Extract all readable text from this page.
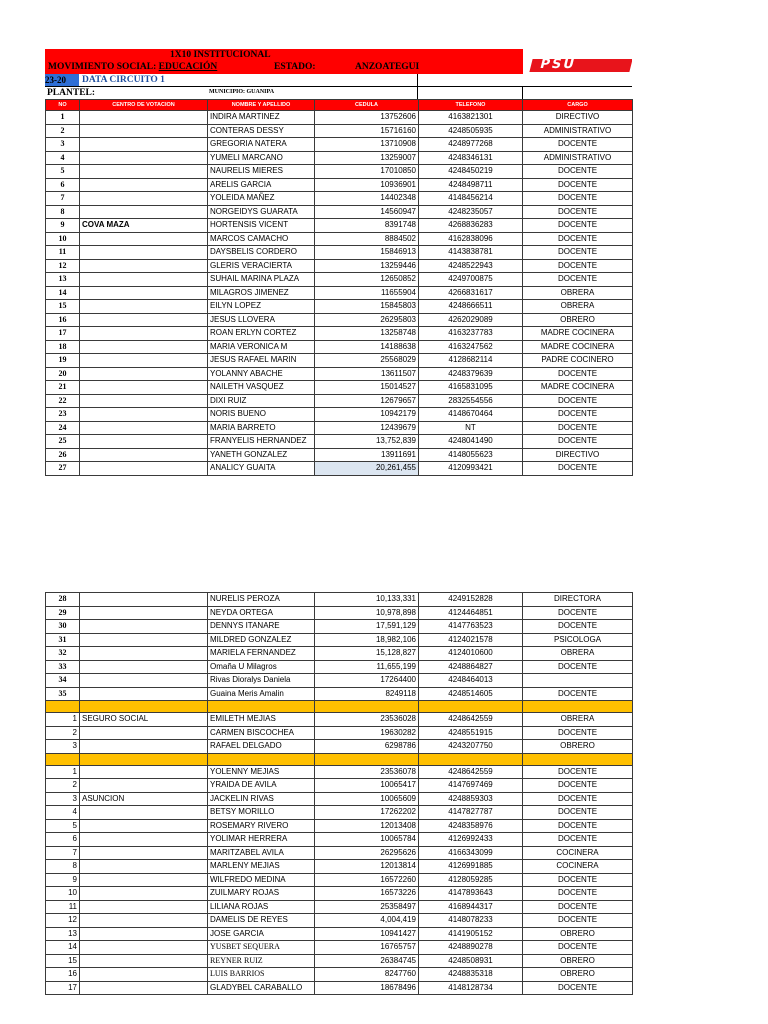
1X10 INSTITUCIONAL
MOVIMIENTO SOCIAL: EDUCACIÓN	ESTADO:	ANZOATEGUI	PSU
23-20	DATA CIRCUITO 1
PLANTEL:	MUNICIPIO: GUANIPA
NO	CENTRO DE VOTACION	NOMBRE Y APELLIDO	CEDULA	TELEFONO	CARGO
1		INDIRA MARTINEZ	13752606	4163821301	DIRECTIVO
2		CONTERAS DESSY	15716160	4248505935	ADMINISTRATIVO
3		GREGORIA NATERA	13710908	4248977268	DOCENTE
4		YUMELI MARCANO	13259007	4248346131	ADMINISTRATIVO
5		NAURELIS MIERES	17010850	4248450219	DOCENTE
6		ARELIS GARCIA	10936901	4248498711	DOCENTE
7		YOLEIDA MAÑEZ	14402348	4148456214	DOCENTE
8		NORGEIDYS GUARATA	14560947	4248235057	DOCENTE
9	COVA MAZA	HORTENSIS VICENT	8391748	4268836283	DOCENTE
10		MARCOS CAMACHO	8884502	4162838096	DOCENTE
11		DAYSBELIS CORDERO	15846913	4143838781	DOCENTE
12		GLERIS VERACIERTA	13259446	4248522943	DOCENTE
13		SUHAIL MARINA PLAZA	12650852	4249700875	DOCENTE
14		MILAGROS JIMENEZ	11655904	4266831617	OBRERA
15		EILYN LOPEZ	15845803	4248666511	OBRERA
16		JESUS LLOVERA	26295803	4262029089	OBRERO
17		ROAN ERLYN CORTEZ	13258748	4163237783	MADRE COCINERA
18		MARIA VERONICA M	14188638	4163247562	MADRE COCINERA
19		JESUS RAFAEL MARIN	25568029	4128682114	PADRE COCINERO
20		YOLANNY ABACHE	13611507	4248379639	DOCENTE
21		NAILETH VASQUEZ	15014527	4165831095	MADRE COCINERA
22		DIXI RUIZ	12679657	2832554556	DOCENTE
23		NORIS BUENO	10942179	4148670464	DOCENTE
24		MARIA BARRETO	12439679	NT	DOCENTE
25		FRANYELIS HERNANDEZ	13,752,839	4248041490	DOCENTE
26		YANETH GONZALEZ	13911691	4148055623	DIRECTIVO
27		ANALICY GUAITA	20,261,455	4120993421	DOCENTE
28		NURELIS PEROZA	10,133,331	4249152828	DIRECTORA
29		NEYDA ORTEGA	10,978,898	4124464851	DOCENTE
30		DENNYS ITANARE	17,591,129	4147763523	DOCENTE
31		MILDRED GONZALEZ	18,982,106	4124021578	PSICOLOGA
32		MARIELA FERNANDEZ	15,128,827	4124010600	OBRERA
33		Omaña U Milagros	11,655,199	4248864827	DOCENTE
34		Rivas Dioralys Daniela	17264400	4248464013	
35		Guaina Meris Amalin	8249118	4248514605	DOCENTE

1	SEGURO SOCIAL	EMILETH MEJIAS	23536028	4248642559	OBRERA
2		CARMEN BISCOCHEA	19630282	4248551915	DOCENTE
3		RAFAEL DELGADO	6298786	4243207750	OBRERO

1		YOLENNY MEJIAS	23536078	4248642559	DOCENTE
2		YRAIDA DE AVILA	10065417	4147697469	DOCENTE
3	ASUNCION	JACKELIN RIVAS	10065609	4248859303	DOCENTE
4		BETSY MORILLO	17262202	4147827787	DOCENTE
5		ROSEMARY RIVERO	12013408	4248358976	DOCENTE
6		YOLIMAR HERRERA	10065784	4126992433	DOCENTE
7		MARITZABEL AVILA	26295626	4166343099	COCINERA
8		MARLENY MEJIAS	12013814	4126991885	COCINERA
9		WILFREDO MEDINA	16572260	4128059285	DOCENTE
10		ZUILMARY ROJAS	16573226	4147893643	DOCENTE
11		LILIANA ROJAS	25358497	4168944317	DOCENTE
12		DAMELIS DE REYES	4,004,419	4148078233	DOCENTE
13		JOSE GARCIA	10941427	4141905152	OBRERO
14		YUSBET SEQUERA	16765757	4248890278	DOCENTE
15		REYNER RUIZ	26384745	4248508931	OBRERO
16		LUIS BARRIOS	8247760	4248835318	OBRERO
17		GLADYBEL CARABALLO	18678496	4148128734	DOCENTE
